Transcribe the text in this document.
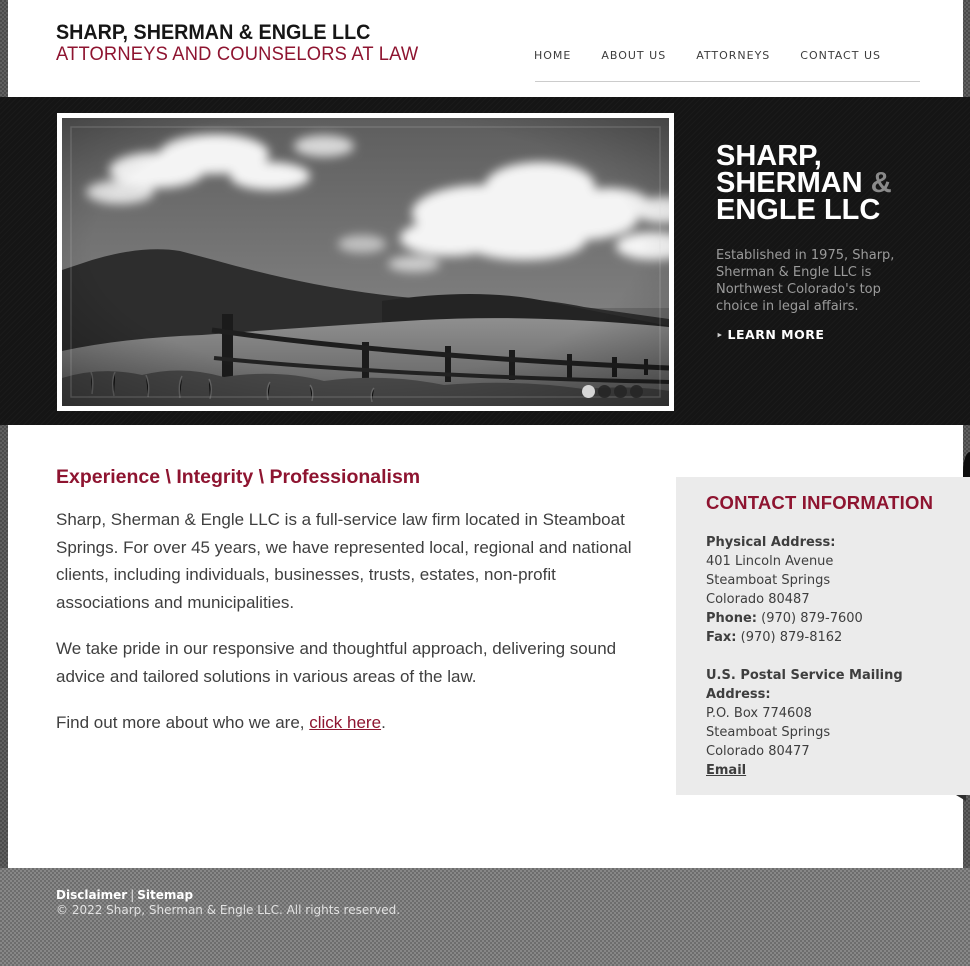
SHARP, SHERMAN & ENGLE LLC
ATTORNEYS AND COUNSELORS AT LAW	HOME	ABOUT US	ATTORNEYS	CONTACT US
Experience \ Integrity \ Professionalism

Sharp, Sherman & Engle LLC is a full-service law firm located in Steamboat Springs. For over 45 years, we have represented local, regional and national clients, including individuals, businesses, trusts, estates, non-profit associations and municipalities.

We take pride in our responsive and thoughtful approach, delivering sound advice and tailored solutions in various areas of the law.

Find out more about who we are, click here.

SHARP,
SHERMAN &
ENGLE LLC

Established in 1975, Sharp, Sherman & Engle LLC is Northwest Colorado's top choice in legal affairs.

‣ LEARN MORE
CONTACT INFORMATION
Physical Address:
401 Lincoln Avenue
Steamboat Springs
Colorado 80487
Phone: (970) 879-7600
Fax: (970) 879-8162
U.S. Postal Service Mailing Address:
P.O. Box 774608
Steamboat Springs
Colorado 80477
Email
Disclaimer | Sitemap
© 2022 Sharp, Sherman & Engle LLC. All rights reserved.
